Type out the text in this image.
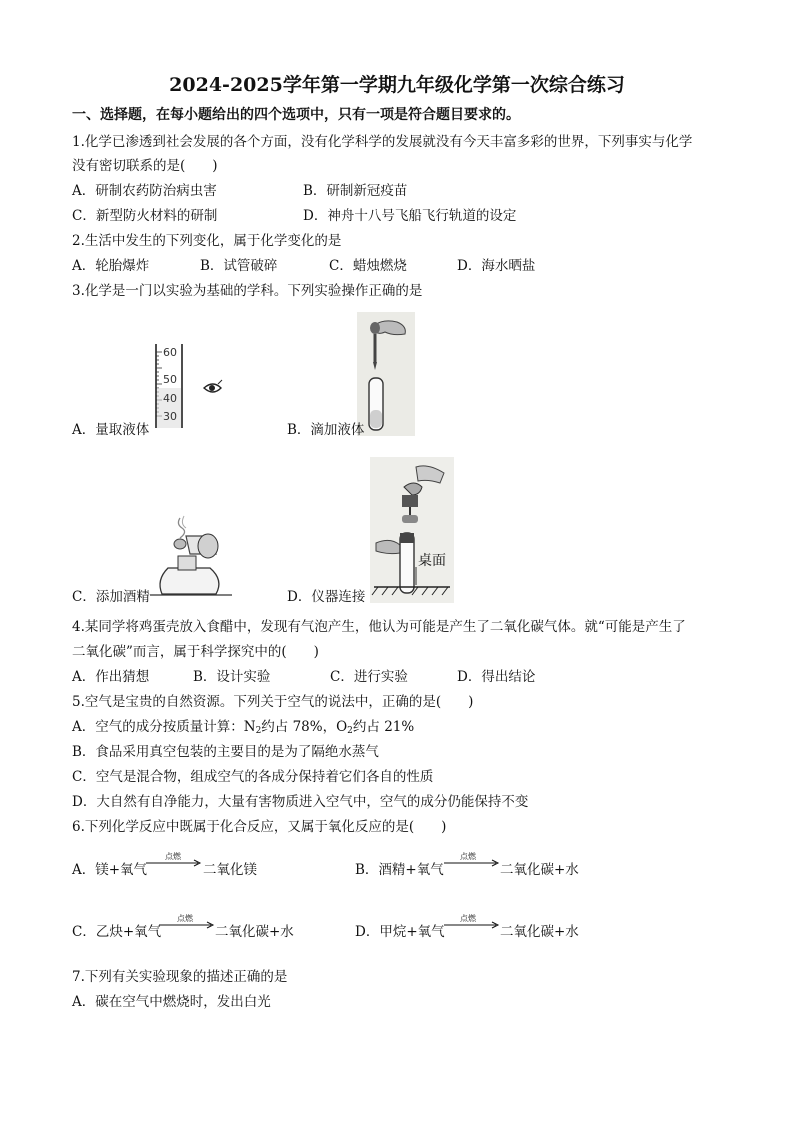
2024-2025学年第一学期九年级化学第一次综合练习
一、选择题，在每小题给出的四个选项中，只有一项是符合题目要求的。
1.化学已渗透到社会发展的各个方面，没有化学科学的发展就没有今天丰富多彩的世界，下列事实与化学
没有密切联系的是(　　)
A．研制农药防治病虫害	B．研制新冠疫苗
C．新型防火材料的研制	D．神舟十八号飞船飞行轨道的设定
2.生活中发生的下列变化，属于化学变化的是
A．轮胎爆炸	B．试管破碎	C．蜡烛燃烧	D．海水晒盐
3.化学是一门以实验为基础的学科。下列实验操作正确的是
60
50
40
30
A．量取液体	B．滴加液体
C．添加酒精
桌面
D．仪器连接
4.某同学将鸡蛋壳放入食醋中，发现有气泡产生，他认为可能是产生了二氧化碳气体。就“可能是产生了
二氧化碳”而言，属于科学探究中的(　　)
A．作出猜想	B．设计实验	C．进行实验	D．得出结论
5.空气是宝贵的自然资源。下列关于空气的说法中，正确的是(　　)
A．空气的成分按质量计算：$N_2$约占 78%，$O_2$约占 21%
B．食品采用真空包装的主要目的是为了隔绝水蒸气
C．空气是混合物，组成空气的各成分保持着它们各自的性质
D．大自然有自净能力，大量有害物质进入空气中，空气的成分仍能保持不变
6.下列化学反应中既属于化合反应，又属于氧化反应的是(　　)
A．镁+氧气
点燃
→ 二氧化镁	B．酒精+氧气
点燃
→ 二氧化碳+水
C．乙炔+氧气
点燃
→ 二氧化碳+水	D．甲烷+氧气
点燃
→ 二氧化碳+水
7.下列有关实验现象的描述正确的是
A．碳在空气中燃烧时，发出白光
